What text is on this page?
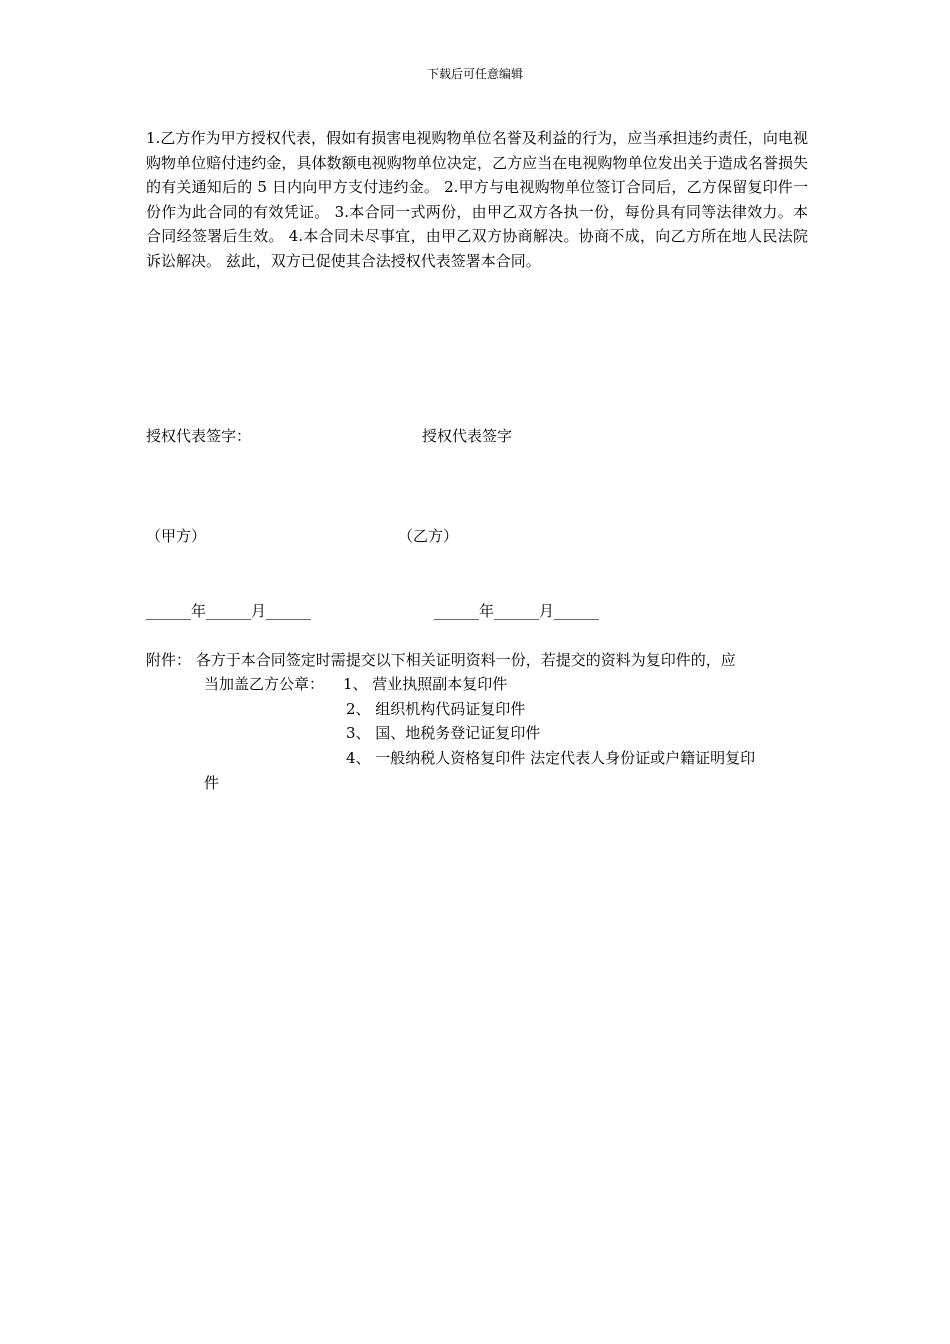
下载后可任意编辑

1.乙方作为甲方授权代表，假如有损害电视购物单位名誉及利益的行为，应当承担违约责任，向电视购物单位赔付违约金，具体数额电视购物单位决定，乙方应当在电视购物单位发出关于造成名誉损失的有关通知后的 5 日内向甲方支付违约金。 2.甲方与电视购物单位签订合同后，乙方保留复印件一份作为此合同的有效凭证。 3.本合同一式两份，由甲乙双方各执一份，每份具有同等法律效力。本合同经签署后生效。 4.本合同未尽事宜，由甲乙双方协商解决。协商不成，向乙方所在地人民法院诉讼解决。 兹此，双方已促使其合法授权代表签署本合同。

授权代表签字：	授权代表签字
（甲方）	（乙方）
______年______月______	______年______月______
附件： 各方于本合同签定时需提交以下相关证明资料一份，若提交的资料为复印件的，应
当加盖乙方公章： 1、 营业执照副本复印件
2、 组织机构代码证复印件
3、 国、地税务登记证复印件
4、 一般纳税人资格复印件 法定代表人身份证或户籍证明复印
件
